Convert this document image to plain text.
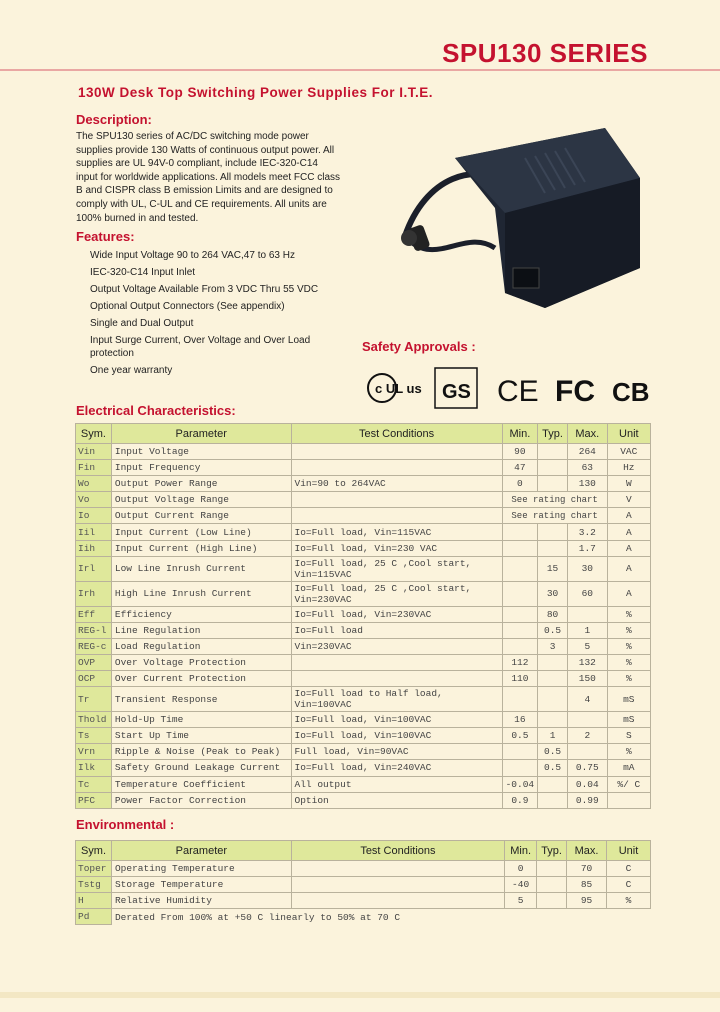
SPU130 SERIES
130W Desk Top Switching Power Supplies For I.T.E.
Description:
The SPU130 series of AC/DC switching mode power supplies provide 130 Watts of continuous output power. All supplies are UL 94V-0 compliant, include IEC-320-C14 input for worldwide applications. All models meet FCC class B and CISPR class B emission Limits and are designed to comply with UL, C-UL and CE requirements. All units are 100% burned in and tested.
Features:
Wide Input Voltage 90 to 264 VAC,47 to 63 Hz
IEC-320-C14 Input Inlet
Output Voltage Available From 3 VDC Thru 55 VDC
Optional Output Connectors (See appendix)
Single and Dual Output
Input Surge Current, Over Voltage and Over Load protection
One year warranty
Safety Approvals :
c UL us GS CE FC CB
Electrical Characteristics:
Sym.	Parameter	Test Conditions	Min.	Typ.	Max.	Unit
Vin	Input Voltage		90		264	VAC
Fin	Input Frequency		47		63	Hz
Wo	Output Power Range	Vin=90 to 264VAC	0		130	W
Vo	Output Voltage Range		See rating chart			V
Io	Output Current Range		See rating chart			A
Iil	Input Current (Low Line)	Io=Full load, Vin=115VAC			3.2	A
Iih	Input Current (High Line)	Io=Full load, Vin=230 VAC			1.7	A
Irl	Low Line Inrush Current	Io=Full load, 25 C ,Cool start, Vin=115VAC		15	30	A
Irh	High Line Inrush Current	Io=Full load, 25 C ,Cool start, Vin=230VAC		30	60	A
Eff	Efficiency	Io=Full load, Vin=230VAC		80		%
REG-l	Line Regulation	Io=Full load		0.5	1	%
REG-c	Load Regulation	Vin=230VAC		3	5	%
OVP	Over Voltage Protection		112		132	%
OCP	Over Current Protection		110		150	%
Tr	Transient Response	Io=Full load to Half load, Vin=100VAC			4	mS
Thold	Hold-Up Time	Io=Full load, Vin=100VAC	16			mS
Ts	Start Up Time	Io=Full load, Vin=100VAC	0.5	1	2	S
Vrn	Ripple & Noise (Peak to Peak)	Full load, Vin=90VAC		0.5		%
Ilk	Safety Ground Leakage Current	Io=Full load, Vin=240VAC		0.5	0.75	mA
Tc	Temperature Coefficient	All output	-0.04		0.04	%/ C
PFC	Power Factor Correction	Option	0.9		0.99	
Environmental :
Sym.	Parameter	Test Conditions	Min.	Typ.	Max.	Unit
Toper	Operating Temperature		0		70	C
Tstg	Storage Temperature		-40		85	C
H	Relative Humidity		5		95	%
Pd	Derated From 100% at +50 C linearly to 50% at 70 C					
